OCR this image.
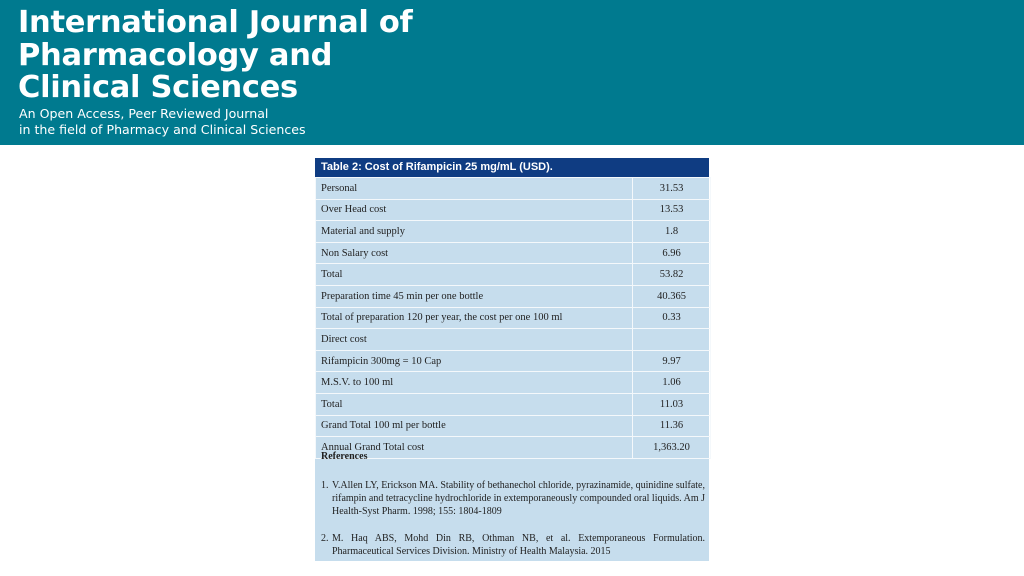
International Journal of
Pharmacology and
Clinical Sciences
An Open Access, Peer Reviewed Journal
in the field of Pharmacy and Clinical Sciences
Table 2: Cost of Rifampicin 25 mg/mL (USD).
Personal	31.53
Over Head cost	13.53
Material and supply	1.8
Non Salary cost	6.96
Total	53.82
Preparation time 45 min per one bottle	40.365
Total of preparation 120 per year, the cost per one 100 ml	0.33
Direct cost	
Rifampicin 300mg = 10 Cap	9.97
M.S.V. to 100 ml	1.06
Total	11.03
Grand Total 100 ml per bottle	11.36
Annual Grand Total cost	1,363.20
References
1. V.Allen LY, Erickson MA. Stability of bethanechol chloride, pyrazinamide, quinidine sulfate, rifampin and tetracycline hydrochloride in extemporaneously compounded oral liquids. Am J Health-Syst Pharm. 1998; 155: 1804-1809
2. M. Haq ABS, Mohd Din RB, Othman NB, et al. Extemporaneous Formulation. Pharmaceutical Services Division. Ministry of Health Malaysia. 2015
